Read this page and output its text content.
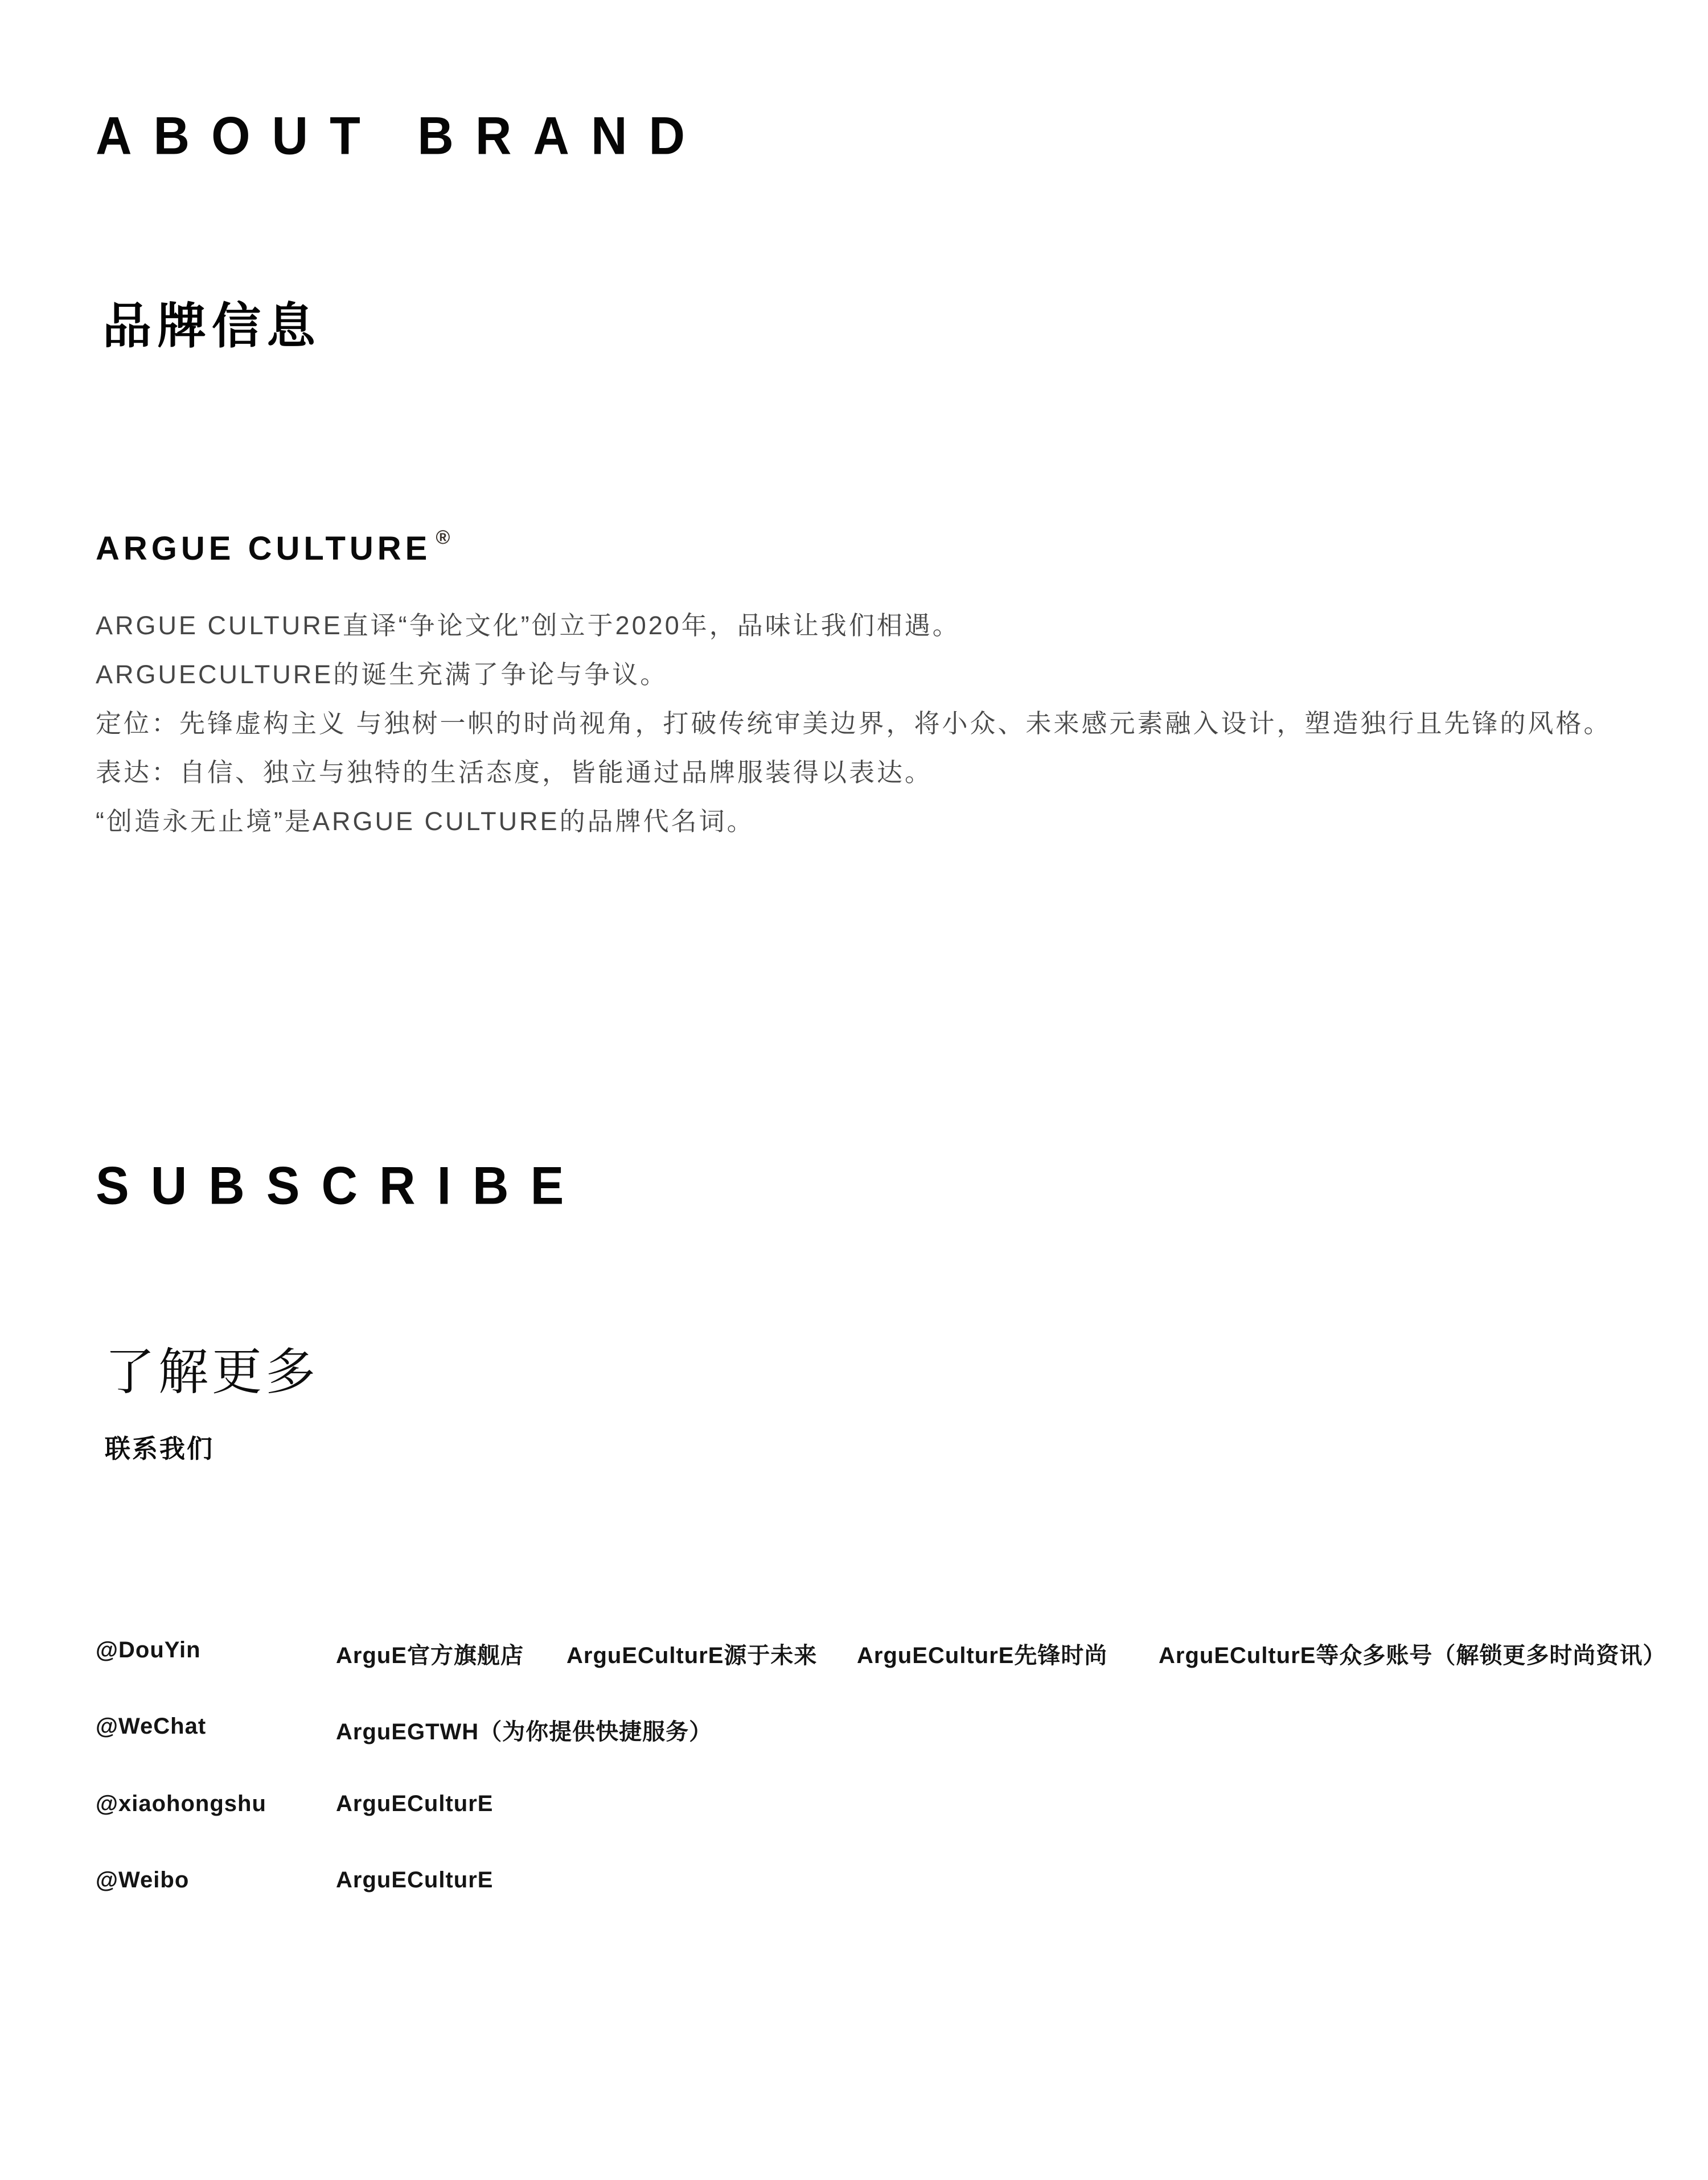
ABOUT BRAND
品牌信息
ARGUE CULTURE ®

ARGUE CULTURE直译“争论文化”创立于2020年，品味让我们相遇。

ARGUECULTURE的诞生充满了争论与争议。

定位：先锋虚构主义 与独树一帜的时尚视角，打破传统审美边界，将小众、未来感元素融入设计，塑造独行且先锋的风格。

表达：自信、独立与独特的生活态度，皆能通过品牌服装得以表达。

“创造永无止境”是ARGUE CULTURE的品牌代名词。

SUBSCRIBE
了解更多
联系我们
@DouYin	ArguE官方旗舰店 ArguECulturE源于未来 ArguECulturE先锋时尚 ArguECulturE等众多账号（解锁更多时尚资讯）
@WeChat	ArguEGTWH（为你提供快捷服务）
@xiaohongshu	ArguECulturE
@Weibo	ArguECulturE
